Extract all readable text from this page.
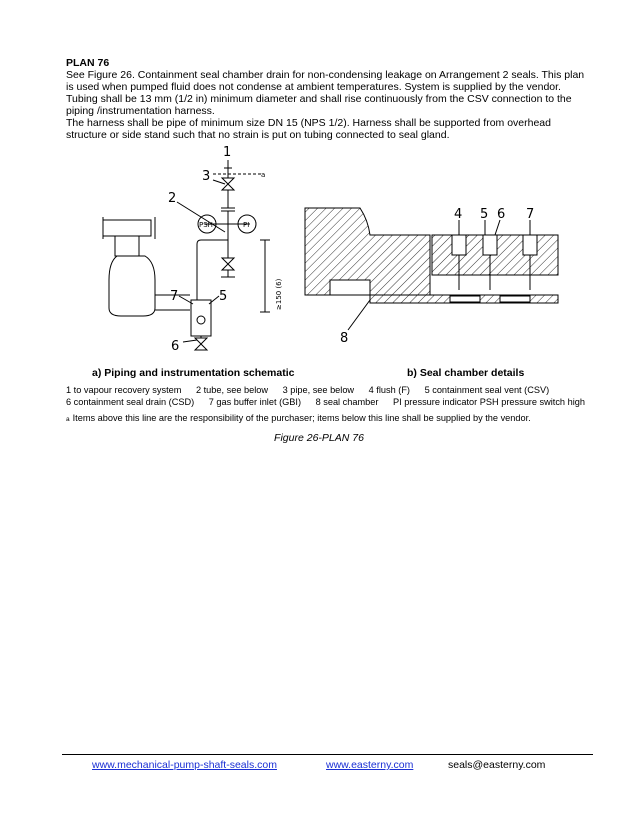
PLAN 76
See Figure 26. Containment seal chamber drain for non-condensing leakage on Arrangement 2 seals. This plan
is used when pumped fluid does not condense at ambient temperatures. System is supplied by the vendor.
Tubing shall be 13 mm (1/2 in) minimum diameter and shall rise continuously from the CSV connection to the
piping /instrumentation harness.
The harness shall be pipe of minimum size DN 15 (NPS 1/2). Harness shall be supported from overhead
structure or side stand such that no strain is put on tubing connected to seal gland.
1
2
3
5
6
7
PSH	PI
a
≥150 (6)
4 5 6 7
8
a) Piping and instrumentation schematic	b) Seal chamber details
1 to vapour recovery system 2 tube, see below 3 pipe, see below 4 flush (F) 5 containment seal vent (CSV)
6 containment seal drain (CSD) 7 gas buffer inlet (GBI) 8 seal chamber PI pressure indicator PSH pressure switch high
a Items above this line are the responsibility of the purchaser; items below this line shall be supplied by the vendor.
Figure 26-PLAN 76
www.mechanical-pump-shaft-seals.com	www.easterny.com	seals@easterny.com
